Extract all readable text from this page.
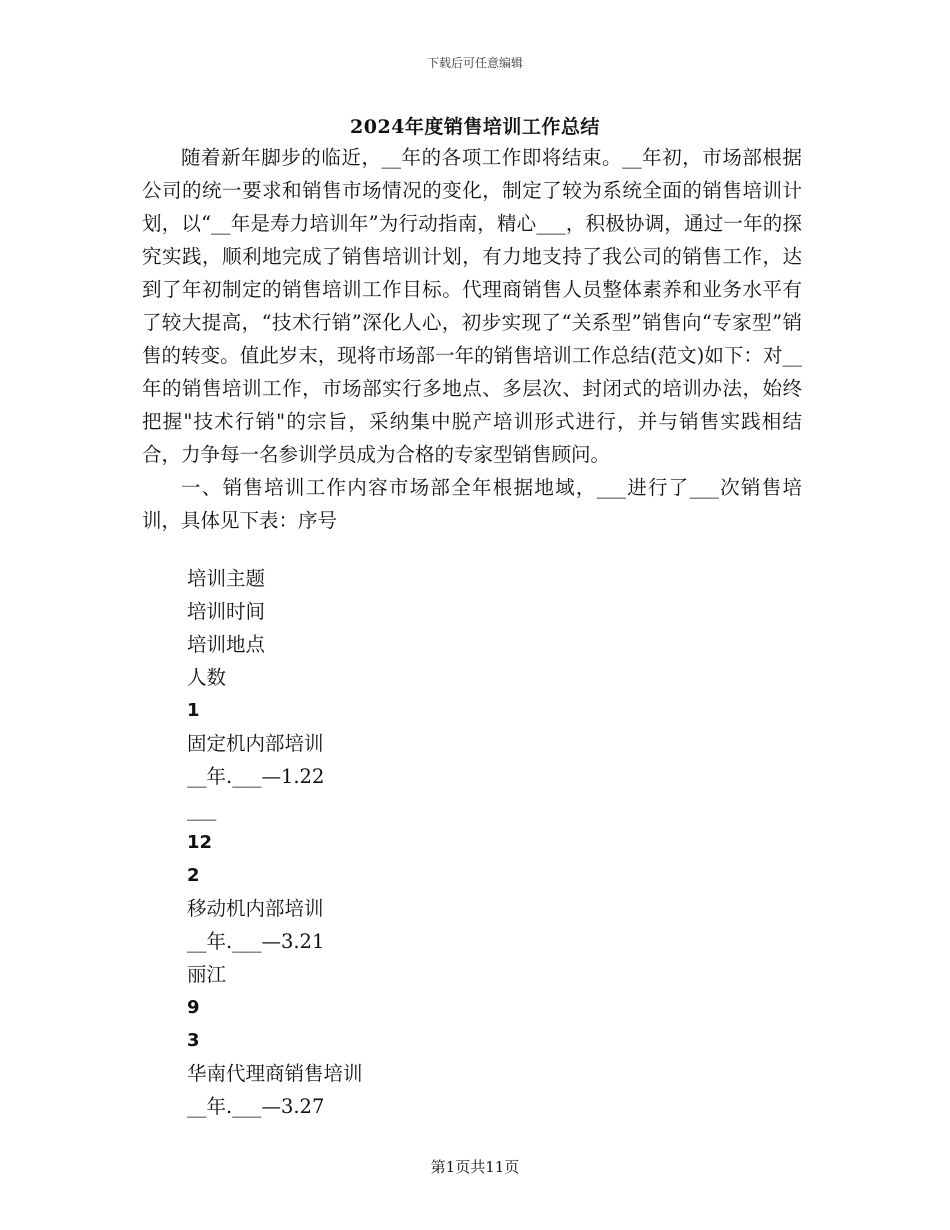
下载后可任意编辑
2024年度销售培训工作总结

随着新年脚步的临近，__年的各项工作即将结束。__年初，市场部根据公司的统一要求和销售市场情况的变化，制定了较为系统全面的销售培训计划，以“__年是寿力培训年”为行动指南，精心___，积极协调，通过一年的探究实践，顺利地完成了销售培训计划，有力地支持了我公司的销售工作，达到了年初制定的销售培训工作目标。代理商销售人员整体素养和业务水平有了较大提高，“技术行销”深化人心，初步实现了“关系型”销售向“专家型”销售的转变。值此岁末，现将市场部一年的销售培训工作总结(范文)如下：对__年的销售培训工作，市场部实行多地点、多层次、封闭式的培训办法，始终把握"技术行销"的宗旨，采纳集中脱产培训形式进行，并与销售实践相结合，力争每一名参训学员成为合格的专家型销售顾问。

一、销售培训工作内容市场部全年根据地域，___进行了___次销售培训，具体见下表：序号

培训主题
培训时间
培训地点
人数
1
固定机内部培训
__年.___—1.22
___
12
2
移动机内部培训
__年.___—3.21
丽江
9
3
华南代理商销售培训
__年.___—3.27
第1页共11页
